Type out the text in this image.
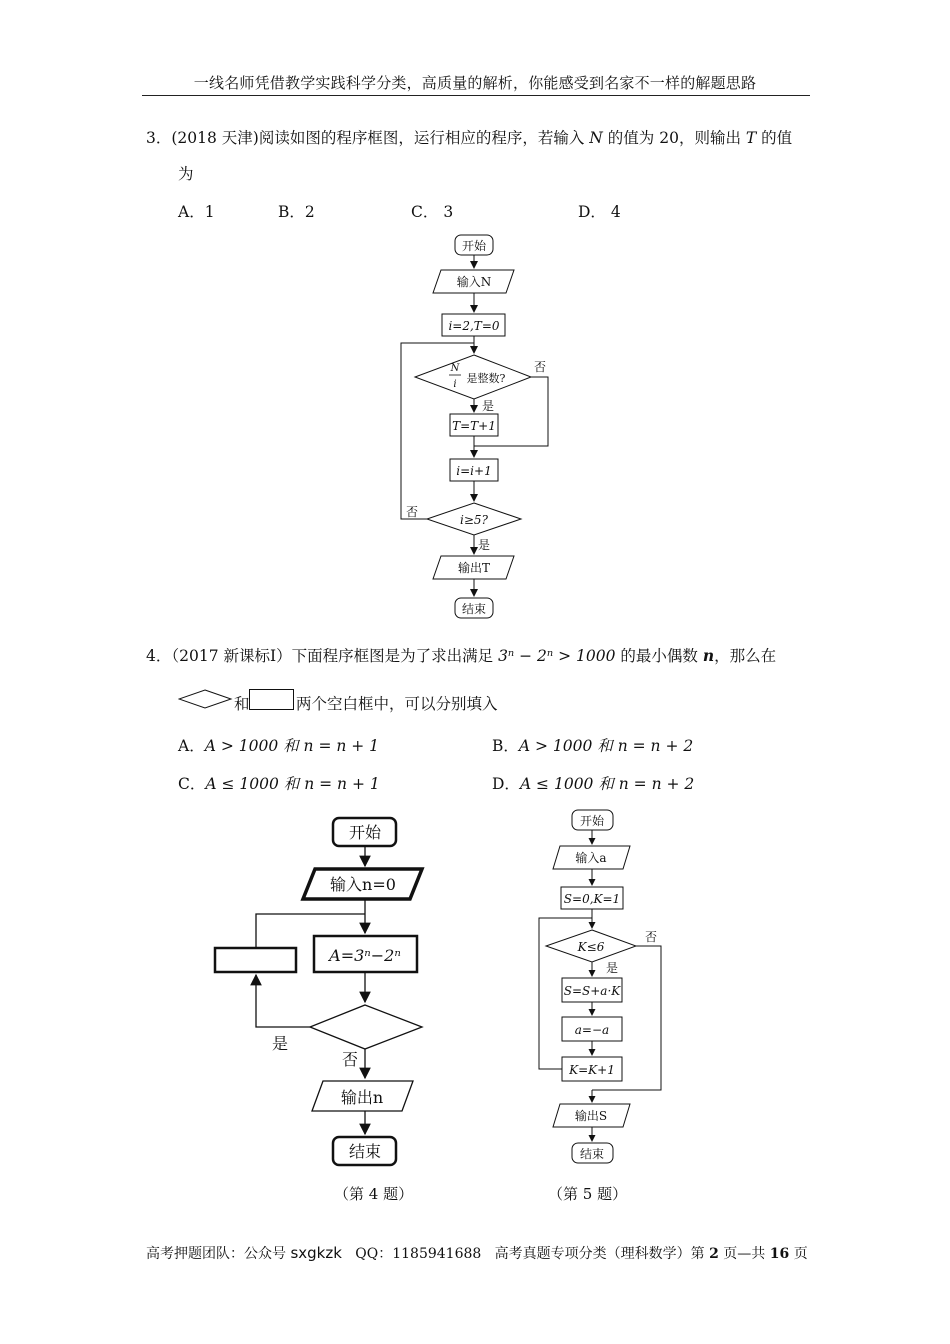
一线名师凭借教学实践科学分类，高质量的解析，你能感受到名家不一样的解题思路
3．(2018 天津)阅读如图的程序框图，运行相应的程序，若输入 N 的值为 20，则输出 T 的值
为
A．1	B．2	C． 3	D． 4
开始
输入N
i=2,T=0
N
i 是整数?
否
是
T=T+1
i=i+1
i≥5?
否
是
输出T
结束
4．（2017 新课标Ⅰ）下面程序框图是为了求出满足 3ⁿ − 2ⁿ > 1000 的最小偶数 n，那么在
和	两个空白框中，可以分别填入
A．A > 1000 和 n = n + 1	B．A > 1000 和 n = n + 2
C．A ≤ 1000 和 n = n + 1	D．A ≤ 1000 和 n = n + 2
开始
输入n=0
A=3ⁿ−2ⁿ
是
否
输出n
结束
（第 4 题）
开始
输入a
S=0,K=1
K≤6
否
是
S=S+a·K
a=−a
K=K+1
输出S
结束
（第 5 题）
高考押题团队：公众号 sxgkzk   QQ：1185941688   高考真题专项分类（理科数学）第 2 页—共 16 页
